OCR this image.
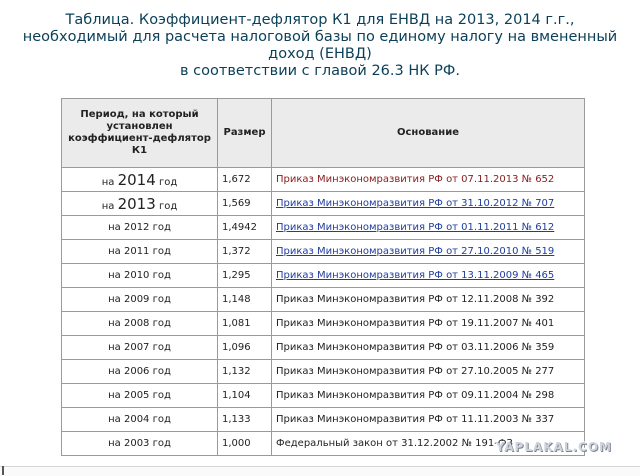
Таблица. Коэффициент-дефлятор К1 для ЕНВД на 2013, 2014 г.г.,
необходимый для расчета налоговой базы по единому налогу на вмененный
доход (ЕНВД)
в соответствии с главой 26.3 НК РФ.
Период, на который установлен коэффициент-дефлятор К1	Размер	Основание
на 2014 год	1,672	Приказ Минэкономразвития РФ от 07.11.2013 № 652
на 2013 год	1,569	Приказ Минэкономразвития РФ от 31.10.2012 № 707
на 2012 год	1,4942	Приказ Минэкономразвития РФ от 01.11.2011 № 612
на 2011 год	1,372	Приказ Минэкономразвития РФ от 27.10.2010 № 519
на 2010 год	1,295	Приказ Минэкономразвития РФ от 13.11.2009 № 465
на 2009 год	1,148	Приказ Минэкономразвития РФ от 12.11.2008 № 392
на 2008 год	1,081	Приказ Минэкономразвития РФ от 19.11.2007 № 401
на 2007 год	1,096	Приказ Минэкономразвития РФ от 03.11.2006 № 359
на 2006 год	1,132	Приказ Минэкономразвития РФ от 27.10.2005 № 277
на 2005 год	1,104	Приказ Минэкономразвития РФ от 09.11.2004 № 298
на 2004 год	1,133	Приказ Минэкономразвития РФ от 11.11.2003 № 337
на 2003 год	1,000	Федеральный закон от 31.12.2002 № 191-ФЗ
YAPLAKAL.COM
